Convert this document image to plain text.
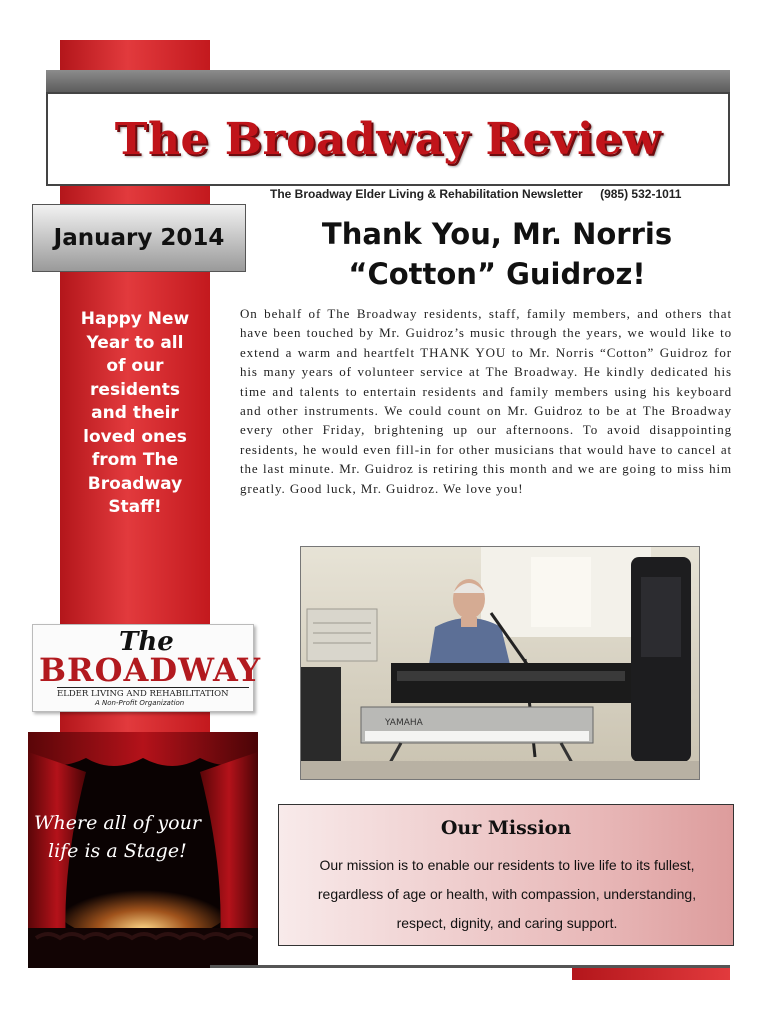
The Broadway Review
The Broadway Elder Living & Rehabilitation Newsletter (985) 532-1011
January 2014
Happy New
Year to all
of our
residents
and their
loved ones
from The
Broadway
Staff!
Thank You, Mr. Norris
“Cotton” Guidroz!
On behalf of The Broadway residents, staff, family members, and others that have been touched by Mr. Guidroz’s music through the years, we would like to extend a warm and heartfelt THANK YOU to Mr. Norris “Cotton” Guidroz for his many years of volunteer service at The Broadway. He kindly dedicated his time and talents to entertain residents and family members using his keyboard and other instruments. We could count on Mr. Guidroz to be at The Broadway every other Friday, brightening up our afternoons. To avoid disappointing residents, he would even fill-in for other musicians that would have to cancel at the last minute. Mr. Guidroz is retiring this month and we are going to miss him greatly. Good luck, Mr. Guidroz. We love you!
YAMAHA
The
BROADWAY
ELDER LIVING AND REHABILITATION
A Non-Profit Organization
Where all of your
life is a Stage!
Our Mission
Our mission is to enable our residents to live life to its fullest, regardless of age or health, with compassion, understanding, respect, dignity, and caring support.
